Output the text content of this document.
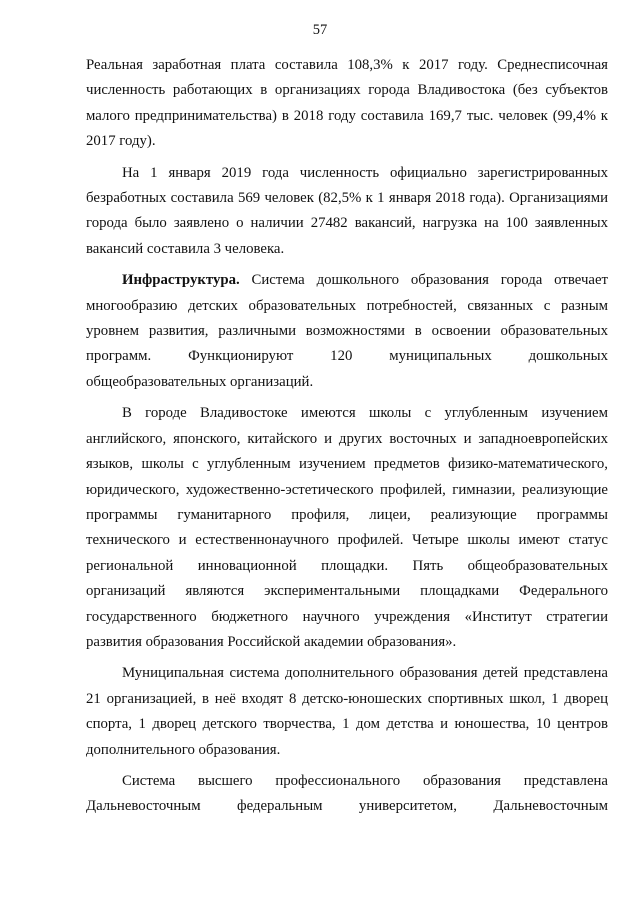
57

Реальная заработная плата составила 108,3% к 2017 году. Среднесписочная численность работающих в организациях города Владивостока (без субъектов малого предпринимательства) в 2018 году составила 169,7 тыс. человек (99,4% к 2017 году).

На 1 января 2019 года численность официально зарегистрированных безработных составила 569 человек (82,5% к 1 января 2018 года). Организациями города было заявлено о наличии 27482 вакансий, нагрузка на 100 заявленных вакансий составила 3 человека.

Инфраструктура. Система дошкольного образования города отвечает многообразию детских образовательных потребностей, связанных с разным уровнем развития, различными возможностями в освоении образовательных программ. Функционируют 120 муниципальных дошкольных общеобразовательных организаций.

В городе Владивостоке имеются школы с углубленным изучением английского, японского, китайского и других восточных и западноевропейских языков, школы с углубленным изучением предметов физико-математического, юридического, художественно-эстетического профилей, гимназии, реализующие программы гуманитарного профиля, лицеи, реализующие программы технического и естественнонаучного профилей. Четыре школы имеют статус региональной инновационной площадки. Пять общеобразовательных организаций являются экспериментальными площадками Федерального государственного бюджетного научного учреждения «Институт стратегии развития образования Российской академии образования».

Муниципальная система дополнительного образования детей представлена 21 организацией, в неё входят 8 детско-юношеских спортивных школ, 1 дворец спорта, 1 дворец детского творчества, 1 дом детства и юношества, 10 центров дополнительного образования.

Система высшего профессионального образования представлена Дальневосточным федеральным университетом, Дальневосточным
